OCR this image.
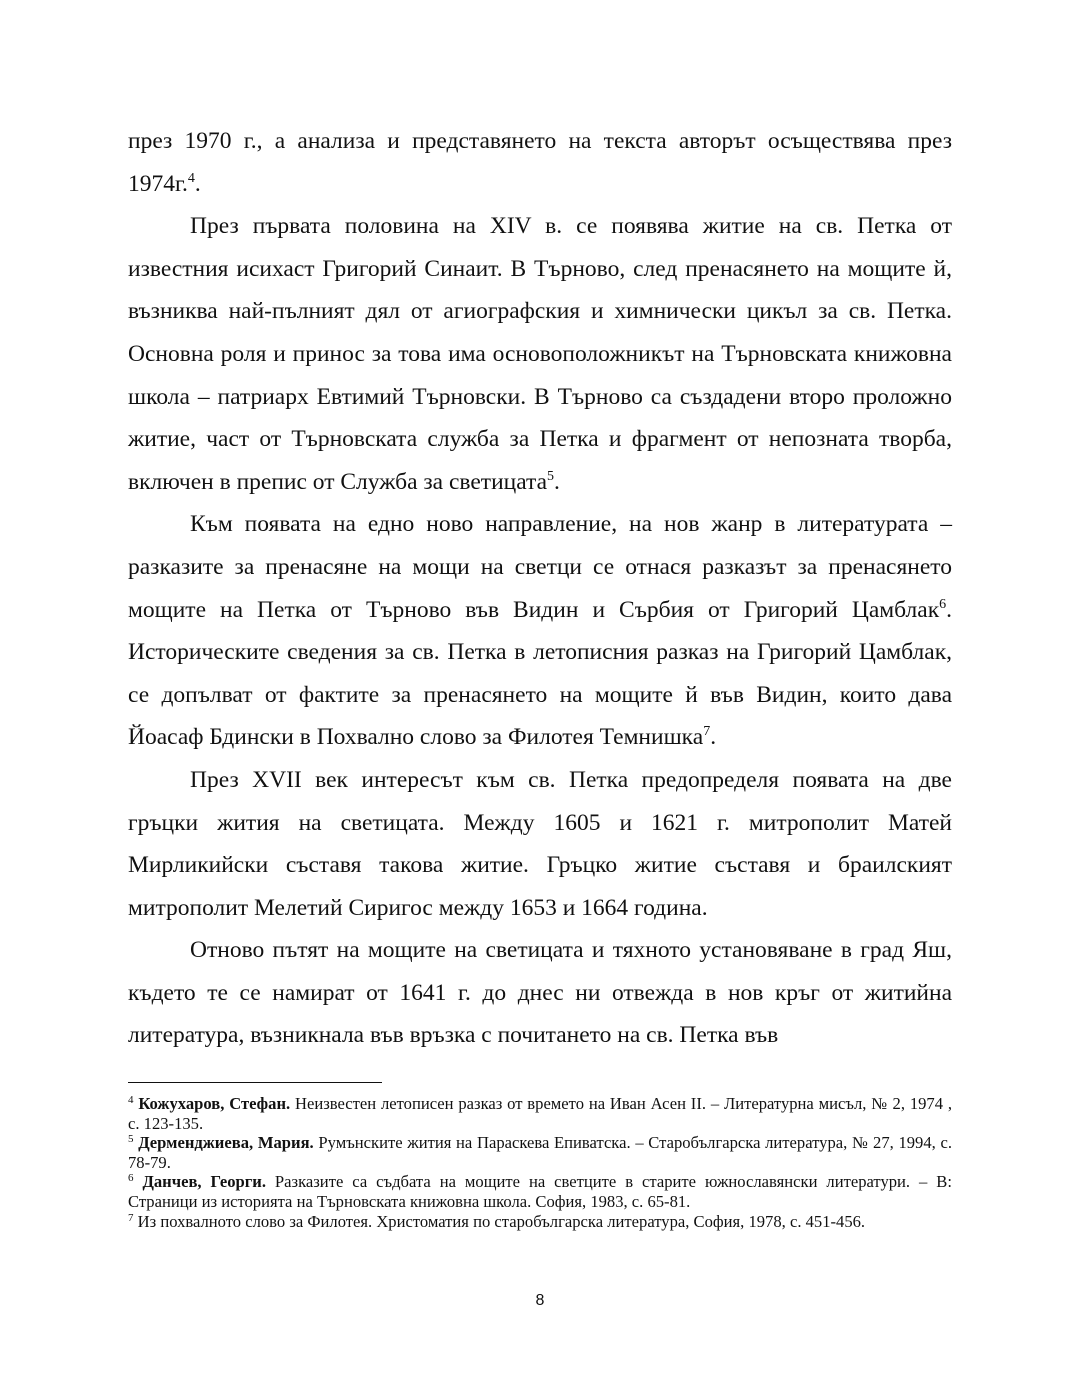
през 1970 г., а анализа и представянето на текста авторът осъществява през 1974г.$^4$.

През първата половина на XIV в. се появява житие на св. Петка от известния исихаст Григорий Синаит. В Търново, след пренасянето на мощите й, възниква най-пълният дял от агиографския и химнически цикъл за св. Петка. Основна роля и принос за това има основоположникът на Търновската книжовна школа – патриарх Евтимий Търновски. В Търново са създадени второ проложно житие, част от Търновската служба за Петка и фрагмент от непозната творба, включен в препис от Служба за светицата$^5$.

Към появата на едно ново направление, на нов жанр в литературата – разказите за пренасяне на мощи на светци се отнася разказът за пренасянето мощите на Петка от Търново във Видин и Сърбия от Григорий Цамблак$^6$. Историческите сведения за св. Петка в летописния разказ на Григорий Цамблак, се допълват от фактите за пренасянето на мощите й във Видин, които дава Йоасаф Бдински в Похвално слово за Филотея Темнишка$^7$.

През XVII век интересът към св. Петка предопределя появата на две гръцки жития на светицата. Между 1605 и 1621 г. митрополит Матей Мирликийски съставя такова житие. Гръцко житие съставя и браилският митрополит Мелетий Сиригос между 1653 и 1664 година.

Отново пътят на мощите на светицата и тяхното установяване в град Яш, където те се намират от 1641 г. до днес ни отвежда в нов кръг от житийна литература, възникнала във връзка с почитането на св. Петка във

$^4$ Кожухаров, Стефан. Неизвестен летописен разказ от времето на Иван Асен II. – Литературна мисъл, № 2, 1974 , с. 123-135.

$^5$ Дерменджиева, Мария. Румънските жития на Параскева Епиватска. – Старобългарска литература, № 27, 1994, с. 78-79.

$^6$ Данчев, Георги. Разказите са съдбата на мощите на светците в старите южнославянски литератури. – В: Страници из историята на Търновската книжовна школа. София, 1983, с. 65-81.

$^7$ Из похвалното слово за Филотея. Христоматия по старобългарска литература, София, 1978, с. 451-456.

8
